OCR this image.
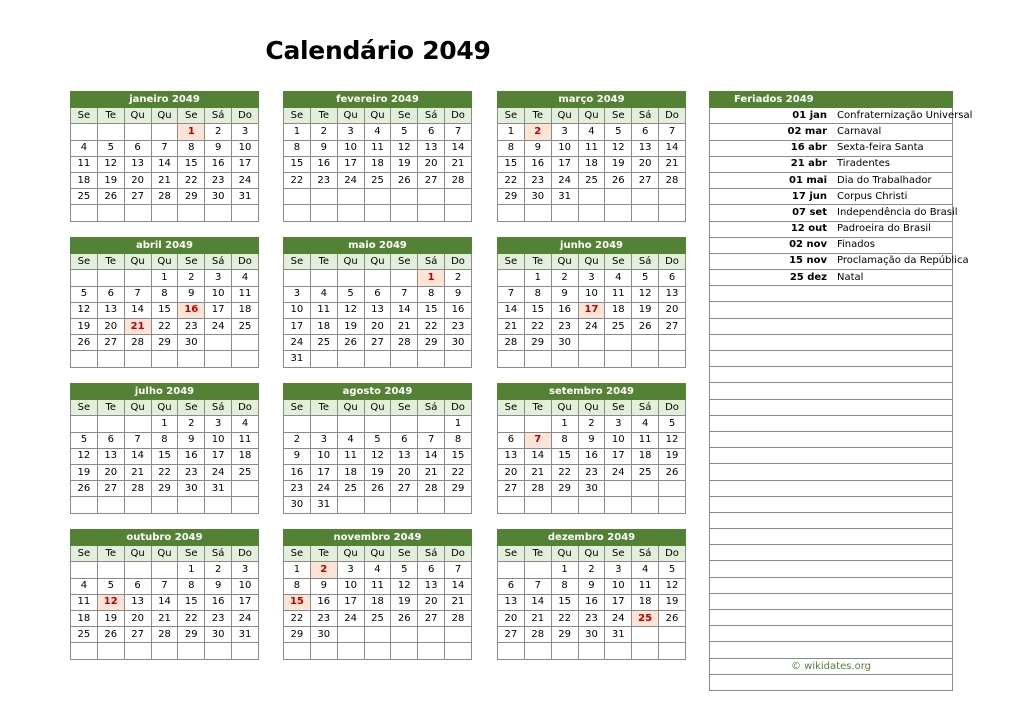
Calendário 2049
janeiro 2049						
Se	Te	Qu	Qu	Se	Sá	Do
				1	2	3
4	5	6	7	8	9	10
11	12	13	14	15	16	17
18	19	20	21	22	23	24
25	26	27	28	29	30	31

fevereiro 2049						
Se	Te	Qu	Qu	Se	Sá	Do
1	2	3	4	5	6	7
8	9	10	11	12	13	14
15	16	17	18	19	20	21
22	23	24	25	26	27	28

março 2049						
Se	Te	Qu	Qu	Se	Sá	Do
1	2	3	4	5	6	7
8	9	10	11	12	13	14
15	16	17	18	19	20	21
22	23	24	25	26	27	28
29	30	31				

abril 2049						
Se	Te	Qu	Qu	Se	Sá	Do
			1	2	3	4
5	6	7	8	9	10	11
12	13	14	15	16	17	18
19	20	21	22	23	24	25
26	27	28	29	30		

maio 2049						
Se	Te	Qu	Qu	Se	Sá	Do
					1	2
3	4	5	6	7	8	9
10	11	12	13	14	15	16
17	18	19	20	21	22	23
24	25	26	27	28	29	30
31						
junho 2049						
Se	Te	Qu	Qu	Se	Sá	Do
	1	2	3	4	5	6
7	8	9	10	11	12	13
14	15	16	17	18	19	20
21	22	23	24	25	26	27
28	29	30				

julho 2049						
Se	Te	Qu	Qu	Se	Sá	Do
			1	2	3	4
5	6	7	8	9	10	11
12	13	14	15	16	17	18
19	20	21	22	23	24	25
26	27	28	29	30	31	

agosto 2049						
Se	Te	Qu	Qu	Se	Sá	Do
						1
2	3	4	5	6	7	8
9	10	11	12	13	14	15
16	17	18	19	20	21	22
23	24	25	26	27	28	29
30	31					
setembro 2049						
Se	Te	Qu	Qu	Se	Sá	Do
		1	2	3	4	5
6	7	8	9	10	11	12
13	14	15	16	17	18	19
20	21	22	23	24	25	26
27	28	29	30			

outubro 2049						
Se	Te	Qu	Qu	Se	Sá	Do
				1	2	3
4	5	6	7	8	9	10
11	12	13	14	15	16	17
18	19	20	21	22	23	24
25	26	27	28	29	30	31

novembro 2049						
Se	Te	Qu	Qu	Se	Sá	Do
1	2	3	4	5	6	7
8	9	10	11	12	13	14
15	16	17	18	19	20	21
22	23	24	25	26	27	28
29	30					

dezembro 2049						
Se	Te	Qu	Qu	Se	Sá	Do
		1	2	3	4	5
6	7	8	9	10	11	12
13	14	15	16	17	18	19
20	21	22	23	24	25	26
27	28	29	30	31		

Feriados 2049	
01 jan	Confraternização Universal
02 mar	Carnaval
16 abr	Sexta-feira Santa
21 abr	Tiradentes
01 mai	Dia do Trabalhador
17 jun	Corpus Christi
07 set	Independência do Brasil
12 out	Padroeira do Brasil
02 nov	Finados
15 nov	Proclamação da República
25 dez	Natal

© wikidates.org
